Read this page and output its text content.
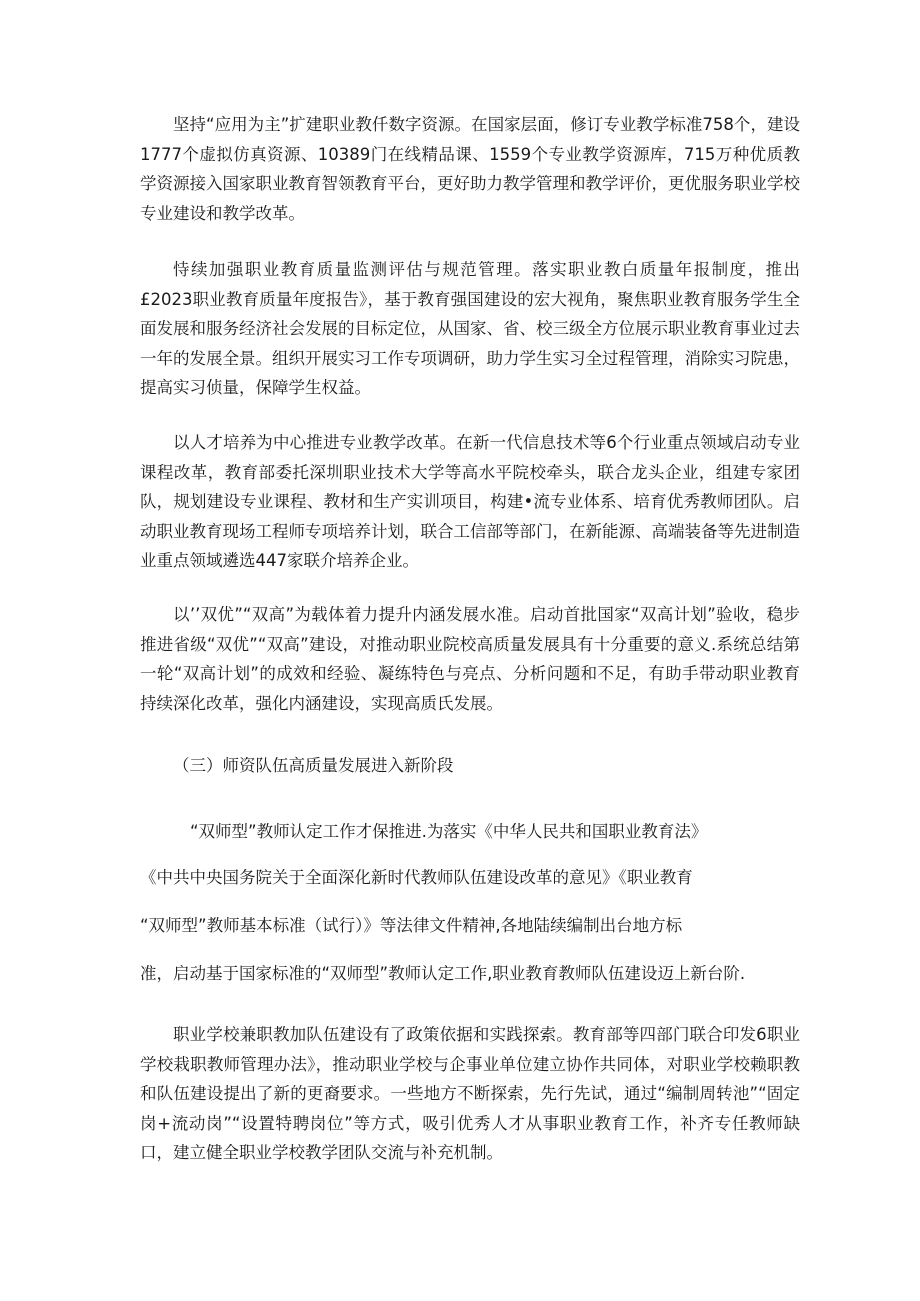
坚持“应用为主”扩建职业教仟数字资源。在国家层面，修订专业教学标准758个，建设1777个虚拟仿真资源、10389门在线精品课、1559个专业教学资源库，715万种优质教学资源接入国家职业教育智领教育平台，更好助力教学管理和教学评价，更优服务职业学校专业建设和教学改革。

恃续加强职业教育质量监测评估与规范管理。落实职业教白质量年报制度，推出£2023职业教育质量年度报告》，基于教育强国建设的宏大视角，聚焦职业教育服务学生全面发展和服务经济社会发展的目标定位，从国家、省、校三级全方位展示职业教育事业过去一年的发展全景。组织开展实习工作专项调研，助力学生实习全过程管理，消除实习院患，提高实习侦量，保障学生权益。

以人才培养为中心推进专业教学改革。在新一代信息技术等6个行业重点领域启动专业课程改革，教育部委托深圳职业技术大学等高水平院校牵头，联合龙头企业，组建专家团队，规划建设专业课程、教材和生产实训项目，构建•流专业体系、培育优秀教师团队。启动职业教育现场工程师专项培养计划，联合工信部等部门，在新能源、高端装备等先进制造业重点领域遴选447家联介培养企业。

以’’双优”“双高”为载体着力提升内涵发展水准。启动首批国家“双高计划”验收，稳步推进省级“双优”“双高”建设，对推动职业院校高质量发展具有十分重要的意义.系统总结第一轮“双高计划”的成效和经验、凝练特色与亮点、分析问题和不足，有助手带动职业教育持续深化改革，强化内涵建设，实现高质氏发展。

（三）师资队伍高质量发展进入新阶段

“双师型”教师认定工作才保推进.为落实《中华人民共和国职业教育法》

《中共中央国务院关于全面深化新时代教师队伍建设改革的意见》《职业教育

“双师型”教师基本标准（试行）》等法律文件精神,各地陆续编制出台地方标

准，启动基于国家标准的“双师型”教师认定工作,职业教育教师队伍建设迈上新台阶.

职业学校兼职教加队伍建设有了政策依据和实践探索。教育部等四部门联合印发6职业学校栽职教师管理办法》，推动职业学校与企事业单位建立协作共同体，对职业学校赖职教和队伍建设提出了新的更裔要求。一些地方不断探索，先行先试，通过“编制周转池”“固定岗+流动岗”“设置特聘岗位”等方式，吸引优秀人才从事职业教育工作，补齐专任教师缺口，建立健全职业学校教学团队交流与补充机制。
